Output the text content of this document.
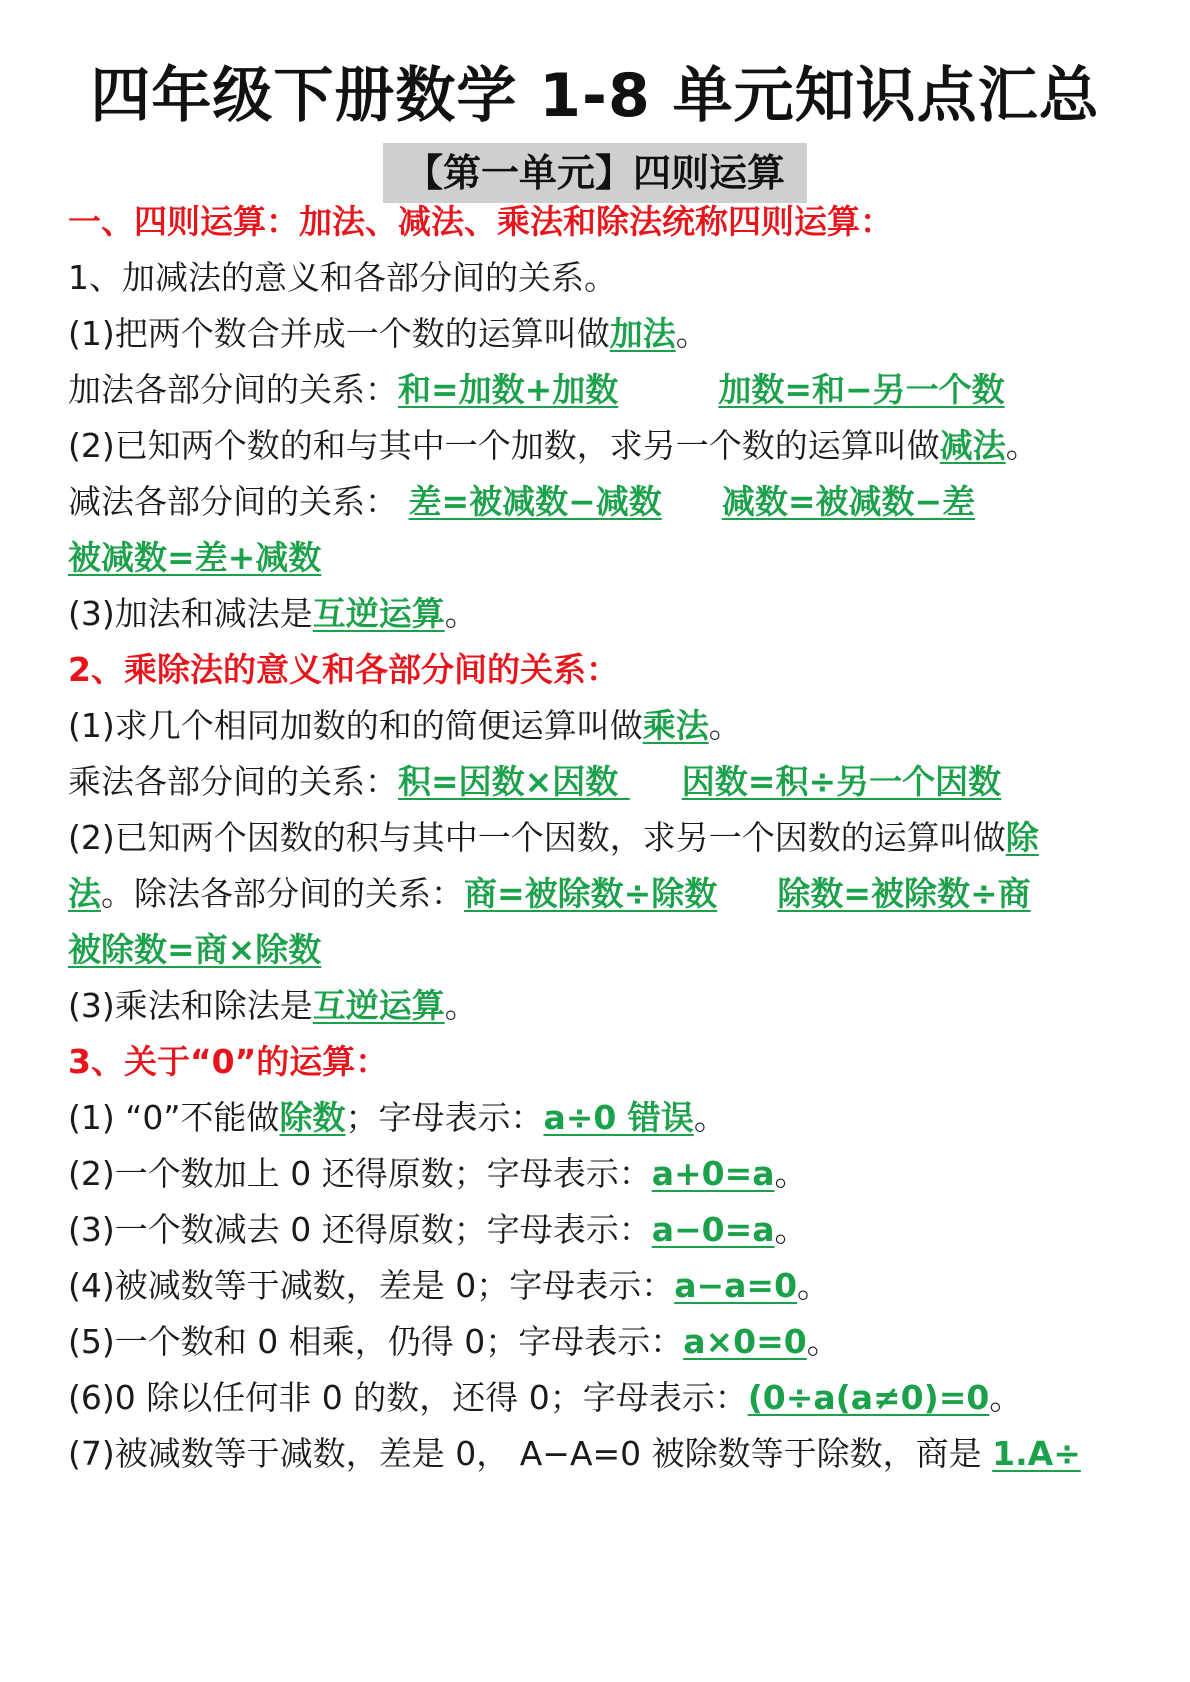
四年级下册数学 1-8 单元知识点汇总
【第一单元】四则运算
一、四则运算：加法、减法、乘法和除法统称四则运算：
1、加减法的意义和各部分间的关系。
(1)把两个数合并成一个数的运算叫做加法。
加法各部分间的关系：和=加数+加数	加数=和−另一个数
(2)已知两个数的和与其中一个加数，求另一个数的运算叫做减法。
减法各部分间的关系： 差=被减数−减数 减数=被减数−差
被减数=差+减数
(3)加法和减法是互逆运算。
2、乘除法的意义和各部分间的关系：
(1)求几个相同加数的和的简便运算叫做乘法。
乘法各部分间的关系：积=因数×因数 因数=积÷另一个因数
(2)已知两个因数的积与其中一个因数，求另一个因数的运算叫做除
法。除法各部分间的关系：商=被除数÷除数 除数=被除数÷商
被除数=商×除数
(3)乘法和除法是互逆运算。
3、关于“0”的运算：
(1) “0”不能做除数；字母表示：a÷0 错误。
(2)一个数加上 0 还得原数；字母表示：a+0=a。
(3)一个数减去 0 还得原数；字母表示：a−0=a。
(4)被减数等于减数，差是 0；字母表示：a−a=0。
(5)一个数和 0 相乘，仍得 0；字母表示：a×0=0。
(6)0 除以任何非 0 的数，还得 0；字母表示：(0÷a(a≠0)=0。
(7)被减数等于减数，差是 0， A−A=0 被除数等于除数，商是 1.A÷
